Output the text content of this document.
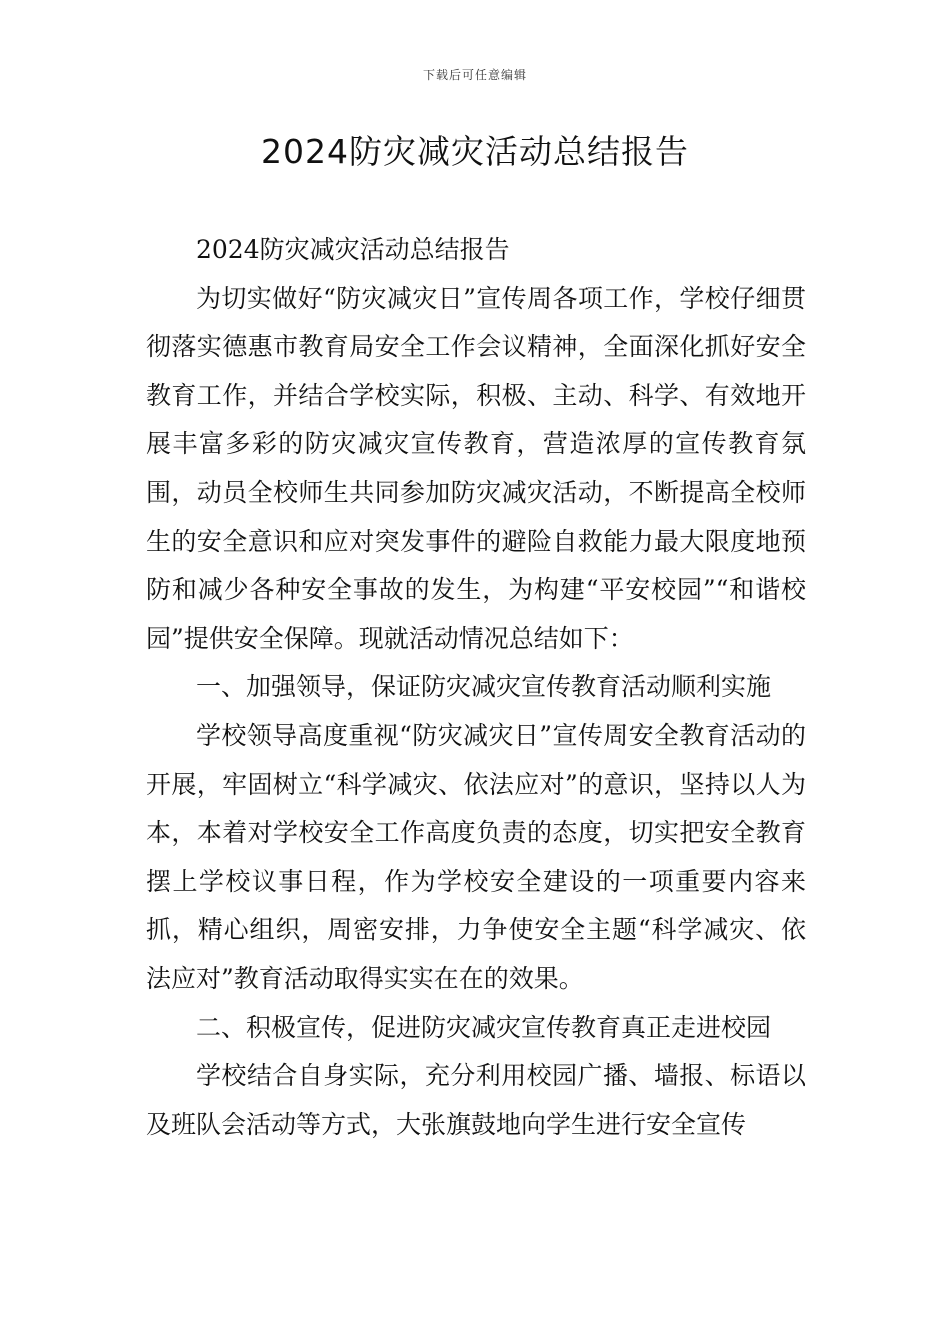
下载后可任意编辑
2024防灾减灾活动总结报告

2024防灾减灾活动总结报告

为切实做好“防灾减灾日”宣传周各项工作，学校仔细贯彻落实德惠市教育局安全工作会议精神，全面深化抓好安全教育工作，并结合学校实际，积极、主动、科学、有效地开展丰富多彩的防灾减灾宣传教育，营造浓厚的宣传教育氛围，动员全校师生共同参加防灾减灾活动，不断提高全校师生的安全意识和应对突发事件的避险自救能力最大限度地预防和减少各种安全事故的发生，为构建“平安校园”“和谐校园”提供安全保障。现就活动情况总结如下：

一、加强领导，保证防灾减灾宣传教育活动顺利实施

学校领导高度重视“防灾减灾日”宣传周安全教育活动的开展，牢固树立“科学减灾、依法应对”的意识，坚持以人为本，本着对学校安全工作高度负责的态度，切实把安全教育摆上学校议事日程，作为学校安全建设的一项重要内容来抓，精心组织，周密安排，力争使安全主题“科学减灾、依法应对”教育活动取得实实在在的效果。

二、积极宣传，促进防灾减灾宣传教育真正走进校园

学校结合自身实际，充分利用校园广播、墙报、标语以及班队会活动等方式，大张旗鼓地向学生进行安全宣传
